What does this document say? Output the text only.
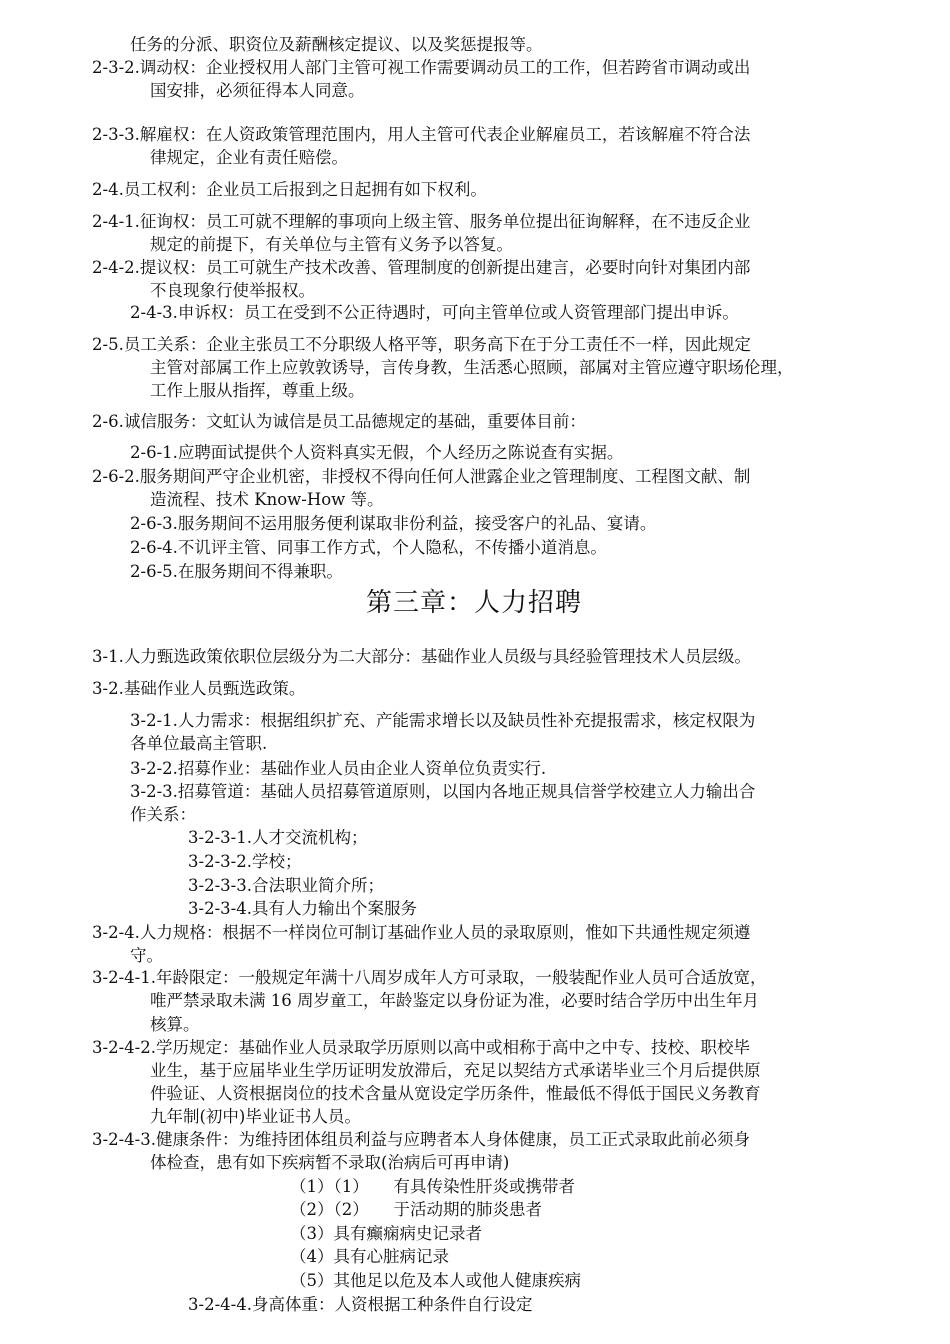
任务的分派、职资位及薪酬核定提议、以及奖惩提报等。
2-3-2.调动权：企业授权用人部门主管可视工作需要调动员工的工作，但若跨省市调动或出
国安排，必须征得本人同意。
2-3-3.解雇权：在人资政策管理范围内，用人主管可代表企业解雇员工，若该解雇不符合法
律规定，企业有责任赔偿。
2-4.员工权利：企业员工后报到之日起拥有如下权利。
2-4-1.征询权：员工可就不理解的事项向上级主管、服务单位提出征询解释，在不违反企业
规定的前提下，有关单位与主管有义务予以答复。
2-4-2.提议权：员工可就生产技术改善、管理制度的创新提出建言，必要时向针对集团内部
不良现象行使举报权。
2-4-3.申诉权：员工在受到不公正待遇时，可向主管单位或人资管理部门提出申诉。
2-5.员工关系：企业主张员工不分职级人格平等，职务高下在于分工责任不一样，因此规定
主管对部属工作上应敦敦诱导，言传身教，生活悉心照顾，部属对主管应遵守职场伦理，
工作上服从指挥，尊重上级。
2-6.诚信服务：文虹认为诚信是员工品德规定的基础，重要体目前：
2-6-1.应聘面试提供个人资料真实无假，个人经历之陈说查有实据。
2-6-2.服务期间严守企业机密，非授权不得向任何人泄露企业之管理制度、工程图文献、制
造流程、技术 Know-How 等。
2-6-3.服务期间不运用服务便利谋取非份利益，接受客户的礼品、宴请。
2-6-4.不讥评主管、同事工作方式，个人隐私，不传播小道消息。
2-6-5.在服务期间不得兼职。
第三章：人力招聘
3-1.人力甄选政策依职位层级分为二大部分：基础作业人员级与具经验管理技术人员层级。
3-2.基础作业人员甄选政策。
3-2-1.人力需求：根据组织扩充、产能需求增长以及缺员性补充提报需求，核定权限为
各单位最高主管职.
3-2-2.招募作业：基础作业人员由企业人资单位负责实行.
3-2-3.招募管道：基础人员招募管道原则，以国内各地正规具信誉学校建立人力输出合
作关系：
3-2-3-1.人才交流机构；
3-2-3-2.学校；
3-2-3-3.合法职业简介所；
3-2-3-4.具有人力输出个案服务
3-2-4.人力规格：根据不一样岗位可制订基础作业人员的录取原则，惟如下共通性规定须遵
守。
3-2-4-1.年龄限定：一般规定年满十八周岁成年人方可录取，一般装配作业人员可合适放宽，
唯严禁录取未满 16 周岁童工，年龄鉴定以身份证为准，必要时结合学历中出生年月
核算。
3-2-4-2.学历规定：基础作业人员录取学历原则以高中或相称于高中之中专、技校、职校毕
业生，基于应届毕业生学历证明发放滞后，充足以契结方式承诺毕业三个月后提供原
件验证、人资根据岗位的技术含量从宽设定学历条件，惟最低不得低于国民义务教育
九年制(初中)毕业证书人员。
3-2-4-3.健康条件：为维持团体组员利益与应聘者本人身体健康，员工正式录取此前必须身
体检查，患有如下疾病暂不录取(治病后可再申请)
（1）（1）　　有具传染性肝炎或携带者
（2）（2）　　于活动期的肺炎患者
（3）具有癫痫病史记录者
（4）具有心脏病记录
（5）其他足以危及本人或他人健康疾病
3-2-4-4.身高体重：人资根据工种条件自行设定
